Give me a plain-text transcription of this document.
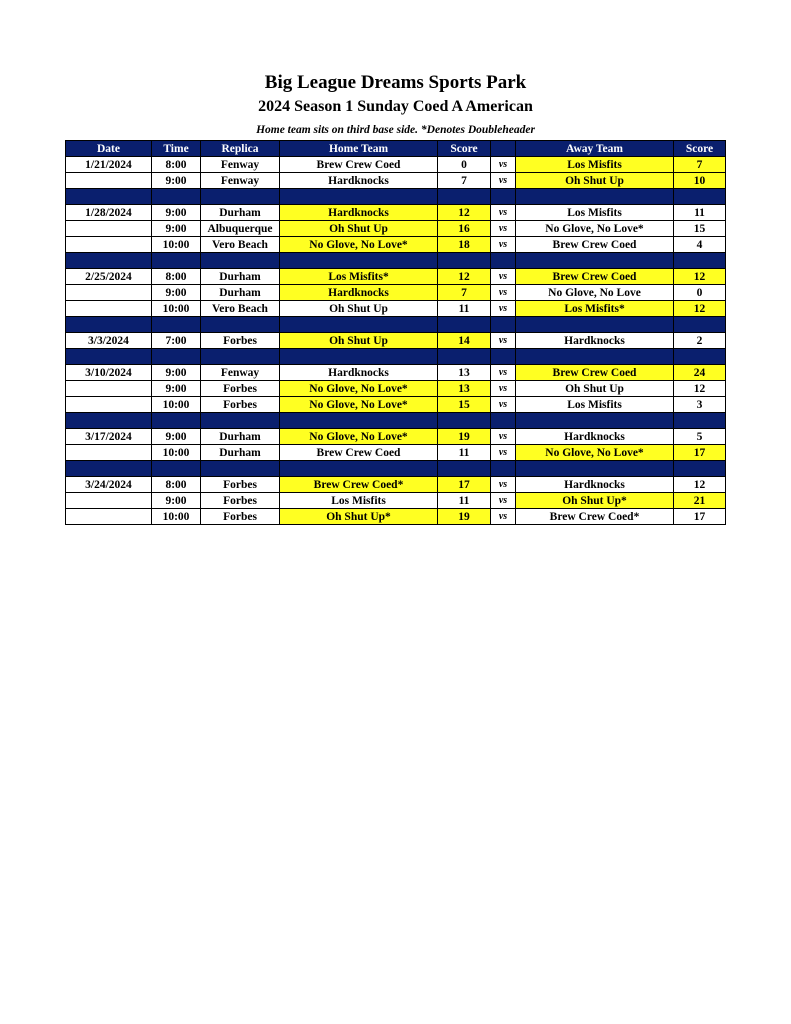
Big League Dreams Sports Park
2024 Season 1 Sunday Coed A American
Home team sits on third base side. *Denotes Doubleheader
Date	Time	Replica	Home Team	Score		Away Team	Score
1/21/2024	8:00	Fenway	Brew Crew Coed	0	vs	Los Misfits	7
	9:00	Fenway	Hardknocks	7	vs	Oh Shut Up	10

1/28/2024	9:00	Durham	Hardknocks	12	vs	Los Misfits	11
	9:00	Albuquerque	Oh Shut Up	16	vs	No Glove, No Love*	15
	10:00	Vero Beach	No Glove, No Love*	18	vs	Brew Crew Coed	4

2/25/2024	8:00	Durham	Los Misfits*	12	vs	Brew Crew Coed	12
	9:00	Durham	Hardknocks	7	vs	No Glove, No Love	0
	10:00	Vero Beach	Oh Shut Up	11	vs	Los Misfits*	12

3/3/2024	7:00	Forbes	Oh Shut Up	14	vs	Hardknocks	2

3/10/2024	9:00	Fenway	Hardknocks	13	vs	Brew Crew Coed	24
	9:00	Forbes	No Glove, No Love*	13	vs	Oh Shut Up	12
	10:00	Forbes	No Glove, No Love*	15	vs	Los Misfits	3

3/17/2024	9:00	Durham	No Glove, No Love*	19	vs	Hardknocks	5
	10:00	Durham	Brew Crew Coed	11	vs	No Glove, No Love*	17

3/24/2024	8:00	Forbes	Brew Crew Coed*	17	vs	Hardknocks	12
	9:00	Forbes	Los Misfits	11	vs	Oh Shut Up*	21
	10:00	Forbes	Oh Shut Up*	19	vs	Brew Crew Coed*	17
